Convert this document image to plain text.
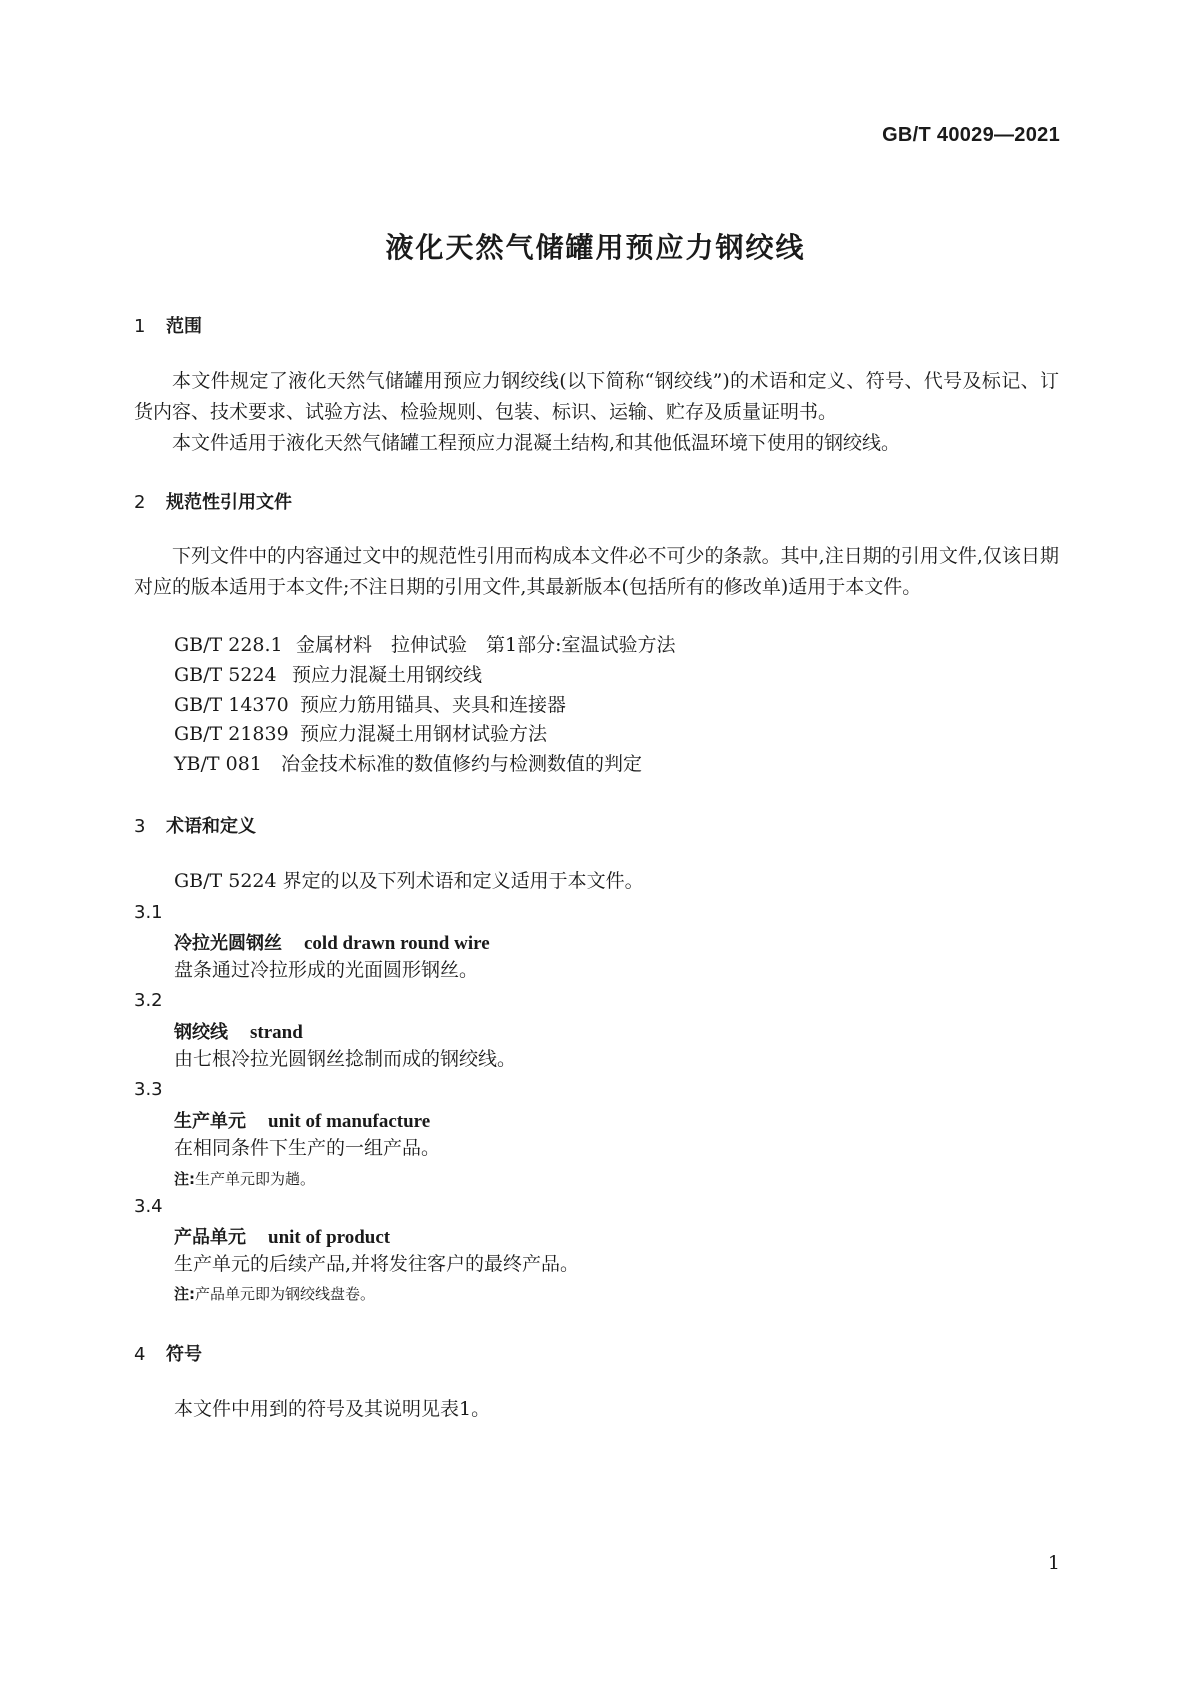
GB/T 40029—2021
液化天然气储罐用预应力钢绞线
1 范围
本文件规定了液化天然气储罐用预应力钢绞线(以下简称“钢绞线”)的术语和定义、符号、代号及标记、订货内容、技术要求、试验方法、检验规则、包装、标识、运输、贮存及质量证明书。
本文件适用于液化天然气储罐工程预应力混凝土结构,和其他低温环境下使用的钢绞线。
2 规范性引用文件
下列文件中的内容通过文中的规范性引用而构成本文件必不可少的条款。其中,注日期的引用文件,仅该日期对应的版本适用于本文件;不注日期的引用文件,其最新版本(包括所有的修改单)适用于本文件。
GB/T 228.1 金属材料　拉伸试验　第1部分:室温试验方法
GB/T 5224 预应力混凝土用钢绞线
GB/T 14370 预应力筋用锚具、夹具和连接器
GB/T 21839 预应力混凝土用钢材试验方法
YB/T 081 冶金技术标准的数值修约与检测数值的判定
3 术语和定义
GB/T 5224 界定的以及下列术语和定义适用于本文件。
3.1
冷拉光圆钢丝 cold drawn round wire
盘条通过冷拉形成的光面圆形钢丝。
3.2
钢绞线 strand
由七根冷拉光圆钢丝捻制而成的钢绞线。
3.3
生产单元 unit of manufacture
在相同条件下生产的一组产品。
注:生产单元即为趟。
3.4
产品单元 unit of product
生产单元的后续产品,并将发往客户的最终产品。
注:产品单元即为钢绞线盘卷。
4 符号
本文件中用到的符号及其说明见表1。
1
